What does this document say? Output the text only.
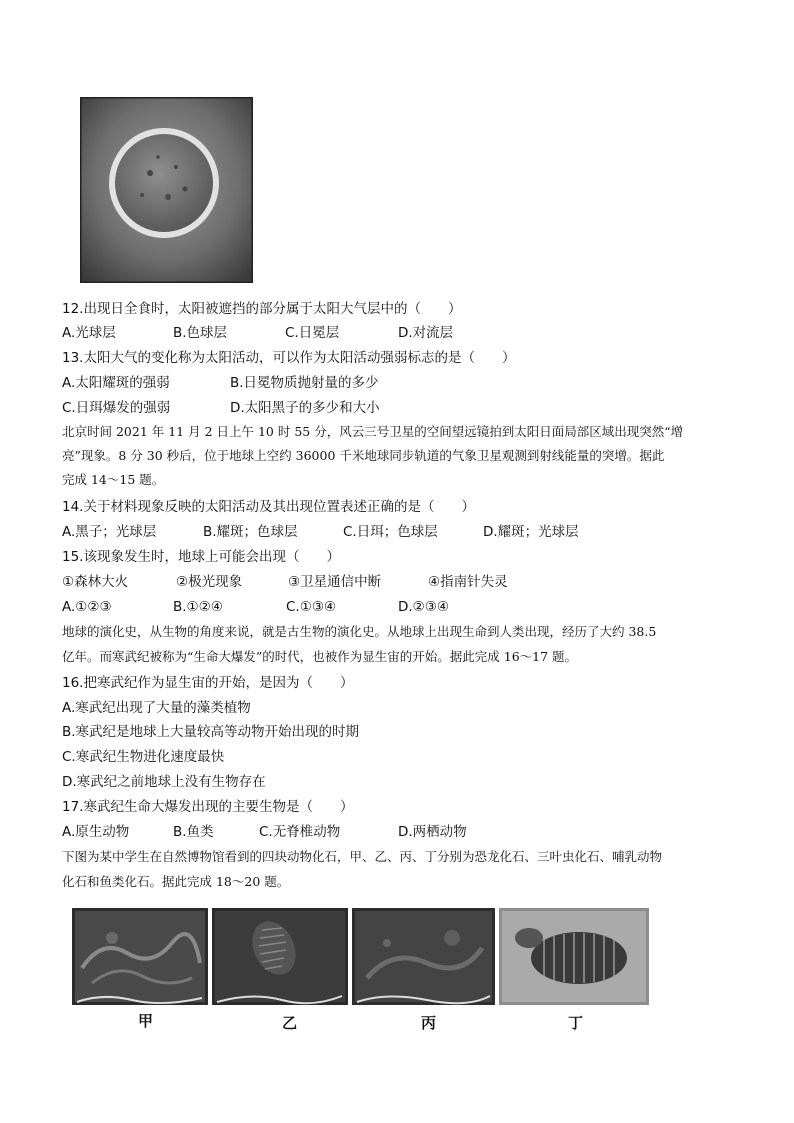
12.出现日全食时，太阳被遮挡的部分属于太阳大气层中的（　　）
A.光球层	B.色球层	C.日冕层	D.对流层
13.太阳大气的变化称为太阳活动，可以作为太阳活动强弱标志的是（　　）
A.太阳耀斑的强弱	B.日冕物质抛射量的多少
C.日珥爆发的强弱	D.太阳黑子的多少和大小
北京时间 2021 年 11 月 2 日上午 10 时 55 分，风云三号卫星的空间望远镜拍到太阳日面局部区域出现突然“增
亮”现象。8 分 30 秒后，位于地球上空约 36000 千米地球同步轨道的气象卫星观测到射线能量的突增。据此
完成 14～15 题。
14.关于材料现象反映的太阳活动及其出现位置表述正确的是（　　）
A.黑子；光球层	B.耀斑；色球层	C.日珥；色球层	D.耀斑；光球层
15.该现象发生时，地球上可能会出现（　　）
①森林大火	②极光现象	③卫星通信中断	④指南针失灵
A.①②③	B.①②④	C.①③④	D.②③④
地球的演化史，从生物的角度来说，就是古生物的演化史。从地球上出现生命到人类出现，经历了大约 38.5
亿年。而寒武纪被称为“生命大爆发”的时代，也被作为显生宙的开始。据此完成 16～17 题。
16.把寒武纪作为显生宙的开始，是因为（　　）
A.寒武纪出现了大量的藻类植物
B.寒武纪是地球上大量较高等动物开始出现的时期
C.寒武纪生物进化速度最快
D.寒武纪之前地球上没有生物存在
17.寒武纪生命大爆发出现的主要生物是（　　）
A.原生动物	B.鱼类	C.无脊椎动物	D.两栖动物
下图为某中学生在自然博物馆看到的四块动物化石，甲、乙、丙、丁分别为恐龙化石、三叶虫化石、哺乳动物
化石和鱼类化石。据此完成 18～20 题。
甲	乙	丙	丁
